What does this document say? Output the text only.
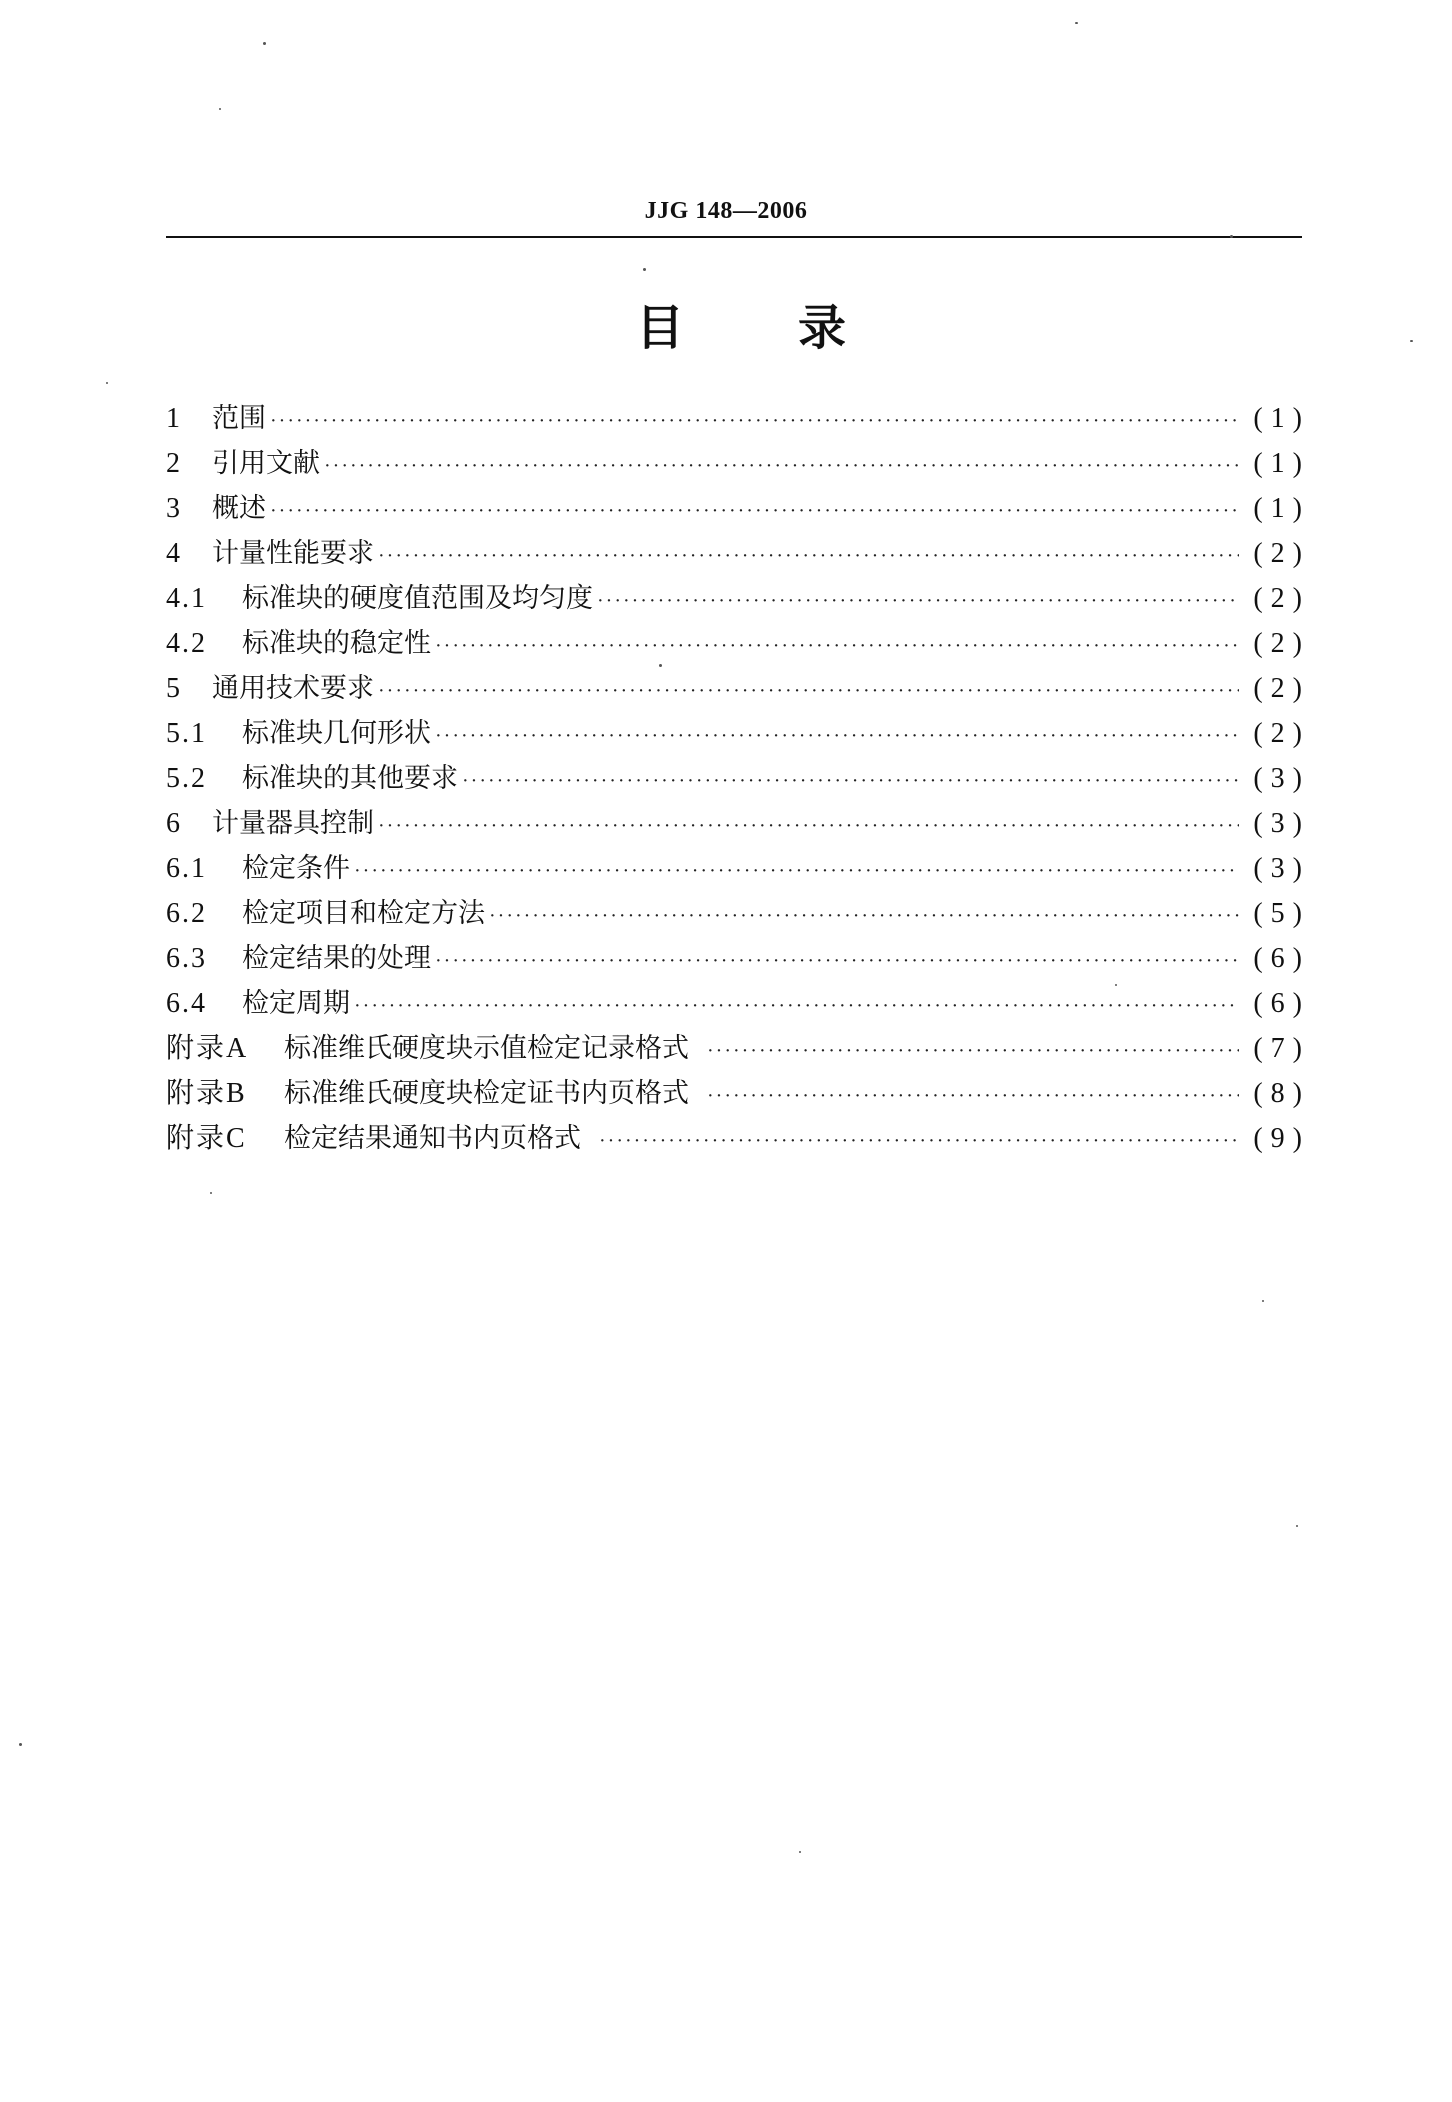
JJG 148—2006
目 录
1	范围 ·····	(1)
2	引用文献 ·····	(1)
3	概述 ·····	(1)
4	计量性能要求 ·····	(2)
4.1	标准块的硬度值范围及均匀度 ·····	(2)
4.2	标准块的稳定性 ·····	(2)
5	通用技术要求 ·····	(2)
5.1	标准块几何形状 ·····	(2)
5.2	标准块的其他要求 ·····	(3)
6	计量器具控制 ·····	(3)
6.1	检定条件 ·····	(3)
6.2	检定项目和检定方法 ·····	(5)
6.3	检定结果的处理 ·····	(6)
6.4	检定周期 ·····	(6)
附录A	标准维氏硬度块示值检定记录格式 ·····	(7)
附录B	标准维氏硬度块检定证书内页格式 ·····	(8)
附录C	检定结果通知书内页格式 ·····	(9)
